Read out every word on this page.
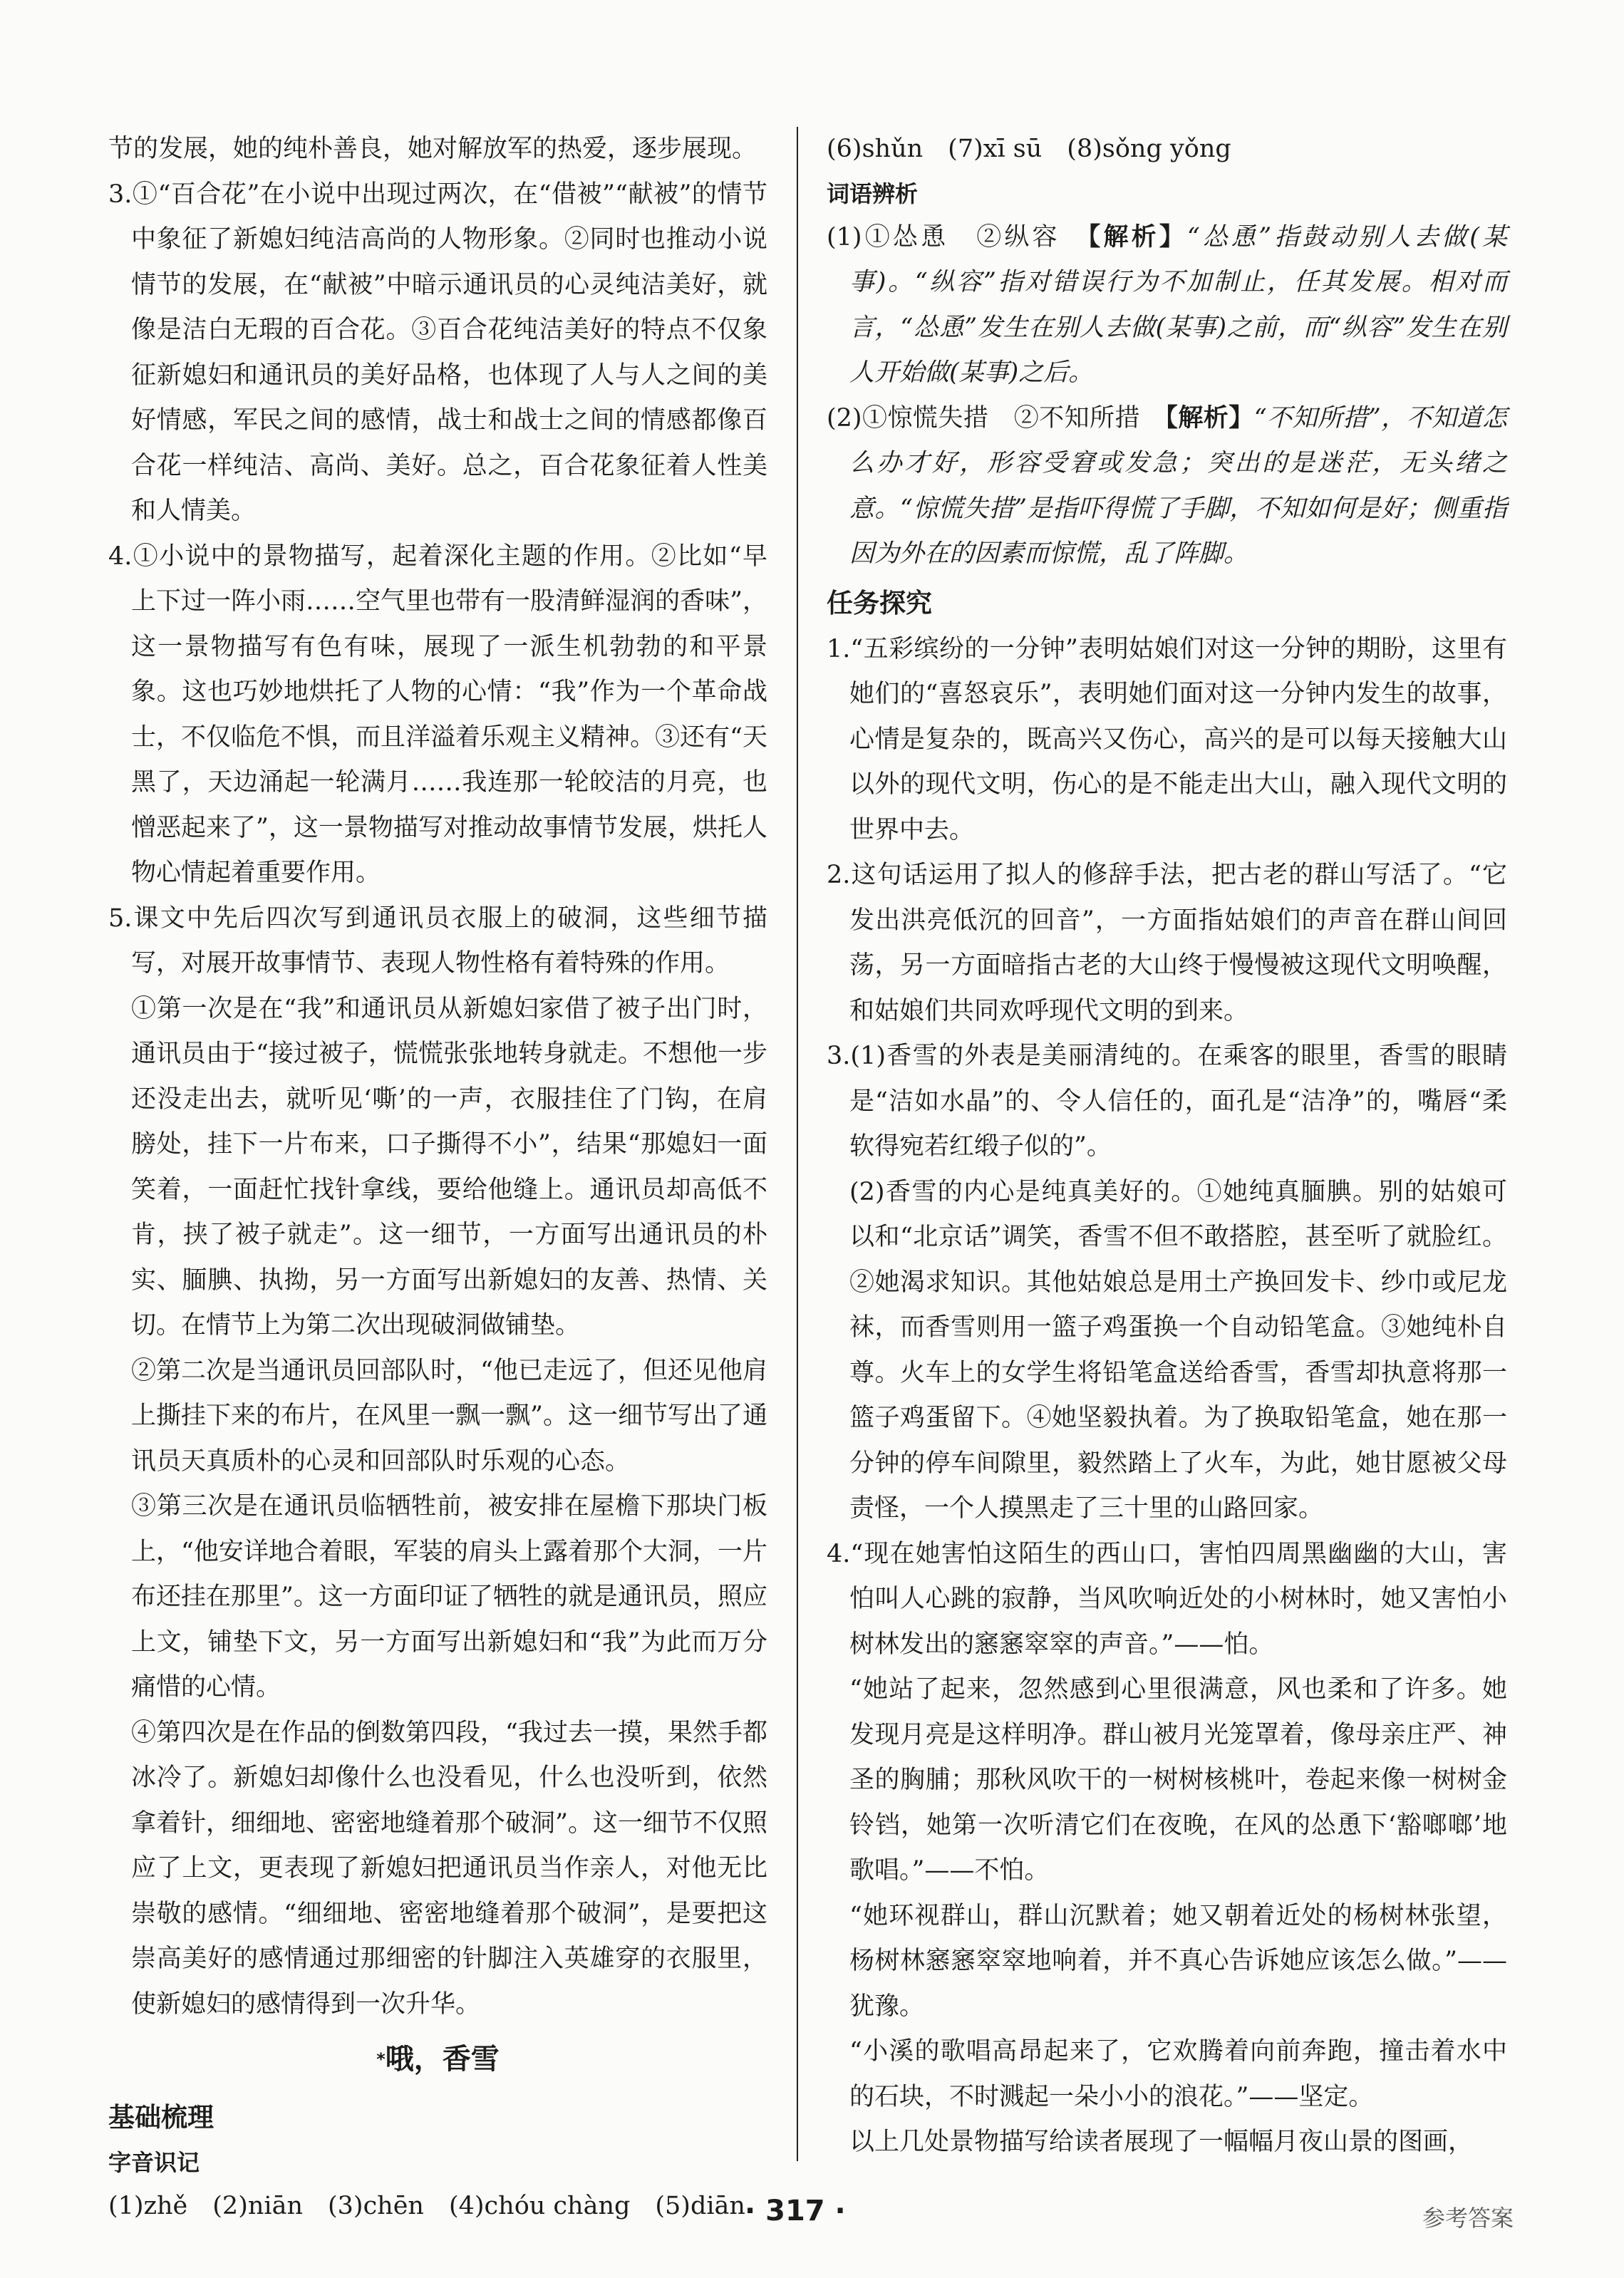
节的发展，她的纯朴善良，她对解放军的热爱，逐步展现。

3.①“百合花”在小说中出现过两次，在“借被”“献被”的情节中象征了新媳妇纯洁高尚的人物形象。②同时也推动小说情节的发展，在“献被”中暗示通讯员的心灵纯洁美好，就像是洁白无瑕的百合花。③百合花纯洁美好的特点不仅象征新媳妇和通讯员的美好品格，也体现了人与人之间的美好情感，军民之间的感情，战士和战士之间的情感都像百合花一样纯洁、高尚、美好。总之，百合花象征着人性美和人情美。

4.①小说中的景物描写，起着深化主题的作用。②比如“早上下过一阵小雨……空气里也带有一股清鲜湿润的香味”，这一景物描写有色有味，展现了一派生机勃勃的和平景象。这也巧妙地烘托了人物的心情：“我”作为一个革命战士，不仅临危不惧，而且洋溢着乐观主义精神。③还有“天黑了，天边涌起一轮满月……我连那一轮皎洁的月亮，也憎恶起来了”，这一景物描写对推动故事情节发展，烘托人物心情起着重要作用。

5.课文中先后四次写到通讯员衣服上的破洞，这些细节描写，对展开故事情节、表现人物性格有着特殊的作用。

①第一次是在“我”和通讯员从新媳妇家借了被子出门时，通讯员由于“接过被子，慌慌张张地转身就走。不想他一步还没走出去，就听见‘嘶’的一声，衣服挂住了门钩，在肩膀处，挂下一片布来，口子撕得不小”，结果“那媳妇一面笑着，一面赶忙找针拿线，要给他缝上。通讯员却高低不肯，挟了被子就走”。这一细节，一方面写出通讯员的朴实、腼腆、执拗，另一方面写出新媳妇的友善、热情、关切。在情节上为第二次出现破洞做铺垫。

②第二次是当通讯员回部队时，“他已走远了，但还见他肩上撕挂下来的布片，在风里一飘一飘”。这一细节写出了通讯员天真质朴的心灵和回部队时乐观的心态。

③第三次是在通讯员临牺牲前，被安排在屋檐下那块门板上，“他安详地合着眼，军装的肩头上露着那个大洞，一片布还挂在那里”。这一方面印证了牺牲的就是通讯员，照应上文，铺垫下文，另一方面写出新媳妇和“我”为此而万分痛惜的心情。

④第四次是在作品的倒数第四段，“我过去一摸，果然手都冰冷了。新媳妇却像什么也没看见，什么也没听到，依然拿着针，细细地、密密地缝着那个破洞”。这一细节不仅照应了上文，更表现了新媳妇把通讯员当作亲人，对他无比崇敬的感情。“细细地、密密地缝着那个破洞”，是要把这崇高美好的感情通过那细密的针脚注入英雄穿的衣服里，使新媳妇的感情得到一次升华。

*哦，香雪
基础梳理
字音识记

(1)zhě　(2)niān　(3)chēn　(4)chóu chàng　(5)diān

(6)shǔn　(7)xī sū　(8)sǒng yǒng

词语辨析

(1)①怂恿　②纵容　【解析】“怂恿”指鼓动别人去做(某事)。“纵容”指对错误行为不加制止，任其发展。相对而言，“怂恿”发生在别人去做(某事)之前，而“纵容”发生在别人开始做(某事)之后。

(2)①惊慌失措　②不知所措　【解析】“不知所措”，不知道怎么办才好，形容受窘或发急；突出的是迷茫，无头绪之意。“惊慌失措”是指吓得慌了手脚，不知如何是好；侧重指因为外在的因素而惊慌，乱了阵脚。

任务探究

1.“五彩缤纷的一分钟”表明姑娘们对这一分钟的期盼，这里有她们的“喜怒哀乐”，表明她们面对这一分钟内发生的故事，心情是复杂的，既高兴又伤心，高兴的是可以每天接触大山以外的现代文明，伤心的是不能走出大山，融入现代文明的世界中去。

2.这句话运用了拟人的修辞手法，把古老的群山写活了。“它发出洪亮低沉的回音”，一方面指姑娘们的声音在群山间回荡，另一方面暗指古老的大山终于慢慢被这现代文明唤醒，和姑娘们共同欢呼现代文明的到来。

3.(1)香雪的外表是美丽清纯的。在乘客的眼里，香雪的眼睛是“洁如水晶”的、令人信任的，面孔是“洁净”的，嘴唇“柔软得宛若红缎子似的”。

(2)香雪的内心是纯真美好的。①她纯真腼腆。别的姑娘可以和“北京话”调笑，香雪不但不敢搭腔，甚至听了就脸红。②她渴求知识。其他姑娘总是用土产换回发卡、纱巾或尼龙袜，而香雪则用一篮子鸡蛋换一个自动铅笔盒。③她纯朴自尊。火车上的女学生将铅笔盒送给香雪，香雪却执意将那一篮子鸡蛋留下。④她坚毅执着。为了换取铅笔盒，她在那一分钟的停车间隙里，毅然踏上了火车，为此，她甘愿被父母责怪，一个人摸黑走了三十里的山路回家。

4.“现在她害怕这陌生的西山口，害怕四周黑幽幽的大山，害怕叫人心跳的寂静，当风吹响近处的小树林时，她又害怕小树林发出的窸窸窣窣的声音。”——怕。

“她站了起来，忽然感到心里很满意，风也柔和了许多。她发现月亮是这样明净。群山被月光笼罩着，像母亲庄严、神圣的胸脯；那秋风吹干的一树树核桃叶，卷起来像一树树金铃铛，她第一次听清它们在夜晚，在风的怂恿下‘豁啷啷’地歌唱。”——不怕。

“她环视群山，群山沉默着；她又朝着近处的杨树林张望，杨树林窸窸窣窣地响着，并不真心告诉她应该怎么做。”——犹豫。

“小溪的歌唱高昂起来了，它欢腾着向前奔跑，撞击着水中的石块，不时溅起一朵小小的浪花。”——坚定。

以上几处景物描写给读者展现了一幅幅月夜山景的图画，

· 317 ·	参考答案
